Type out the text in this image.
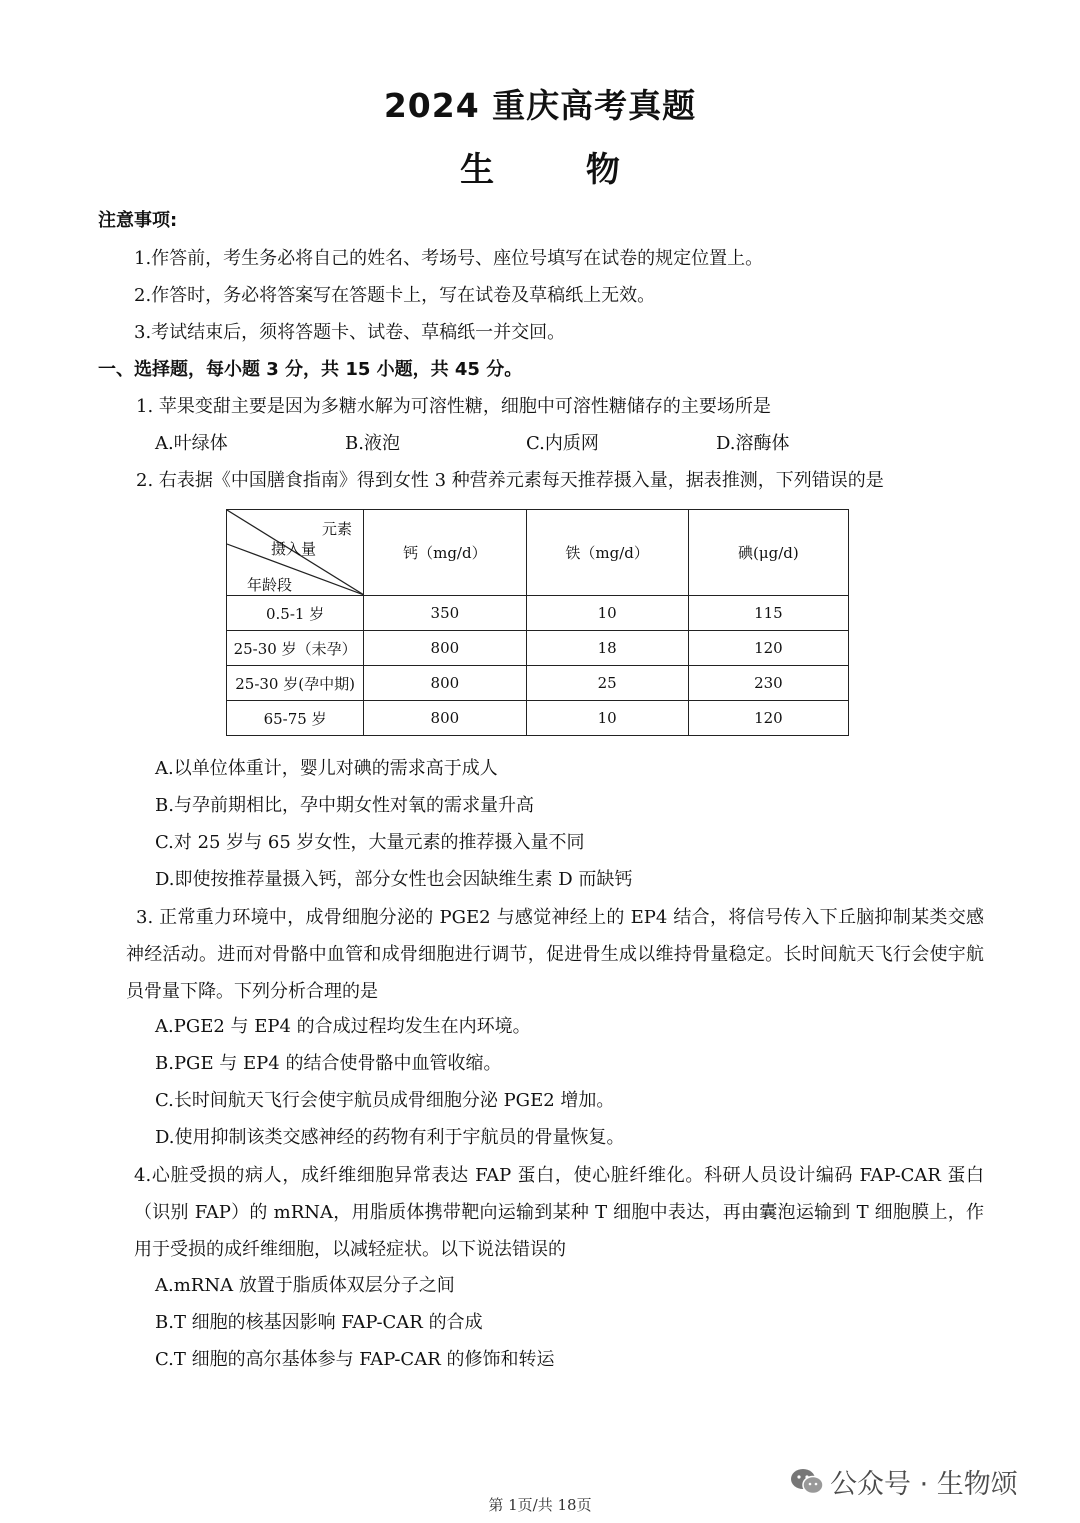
2024 重庆高考真题
生 物
注意事项:
1.作答前，考生务必将自己的姓名、考场号、座位号填写在试卷的规定位置上。
2.作答时，务必将答案写在答题卡上，写在试卷及草稿纸上无效。
3.考试结束后，须将答题卡、试卷、草稿纸一并交回。
一、选择题，每小题 3 分，共 15 小题，共 45 分。
1. 苹果变甜主要是因为多糖水解为可溶性糖，细胞中可溶性糖储存的主要场所是
A.叶绿体	B.液泡	C.内质网	D.溶酶体
2. 右表据《中国膳食指南》得到女性 3 种营养元素每天推荐摄入量，据表推测，下列错误的是
元素
摄入量
年龄段	钙（mg/d）	铁（mg/d）	碘(μg/d)
0.5-1 岁	350	10	115
25-30 岁（未孕）	800	18	120
25-30 岁(孕中期)	800	25	230
65-75 岁	800	10	120
A.以单位体重计，婴儿对碘的需求高于成人
B.与孕前期相比，孕中期女性对氧的需求量升高
C.对 25 岁与 65 岁女性，大量元素的推荐摄入量不同
D.即使按推荐量摄入钙，部分女性也会因缺维生素 D 而缺钙
3. 正常重力环境中，成骨细胞分泌的 PGE2 与感觉神经上的 EP4 结合，将信号传入下丘脑抑制某类交感神经活动。进而对骨骼中血管和成骨细胞进行调节，促进骨生成以维持骨量稳定。长时间航天飞行会使宇航员骨量下降。下列分析合理的是
A.PGE2 与 EP4 的合成过程均发生在内环境。
B.PGE 与 EP4 的结合使骨骼中血管收缩。
C.长时间航天飞行会使宇航员成骨细胞分泌 PGE2 增加。
D.使用抑制该类交感神经的药物有利于宇航员的骨量恢复。
4.心脏受损的病人，成纤维细胞异常表达 FAP 蛋白，使心脏纤维化。科研人员设计编码 FAP-CAR 蛋白（识别 FAP）的 mRNA，用脂质体携带靶向运输到某种 T 细胞中表达，再由囊泡运输到 T 细胞膜上，作用于受损的成纤维细胞，以减轻症状。以下说法错误的
A.mRNA 放置于脂质体双层分子之间
B.T 细胞的核基因影响 FAP-CAR 的合成
C.T 细胞的高尔基体参与 FAP-CAR 的修饰和转运
公众号 · 生物颂
第 1页/共 18页
